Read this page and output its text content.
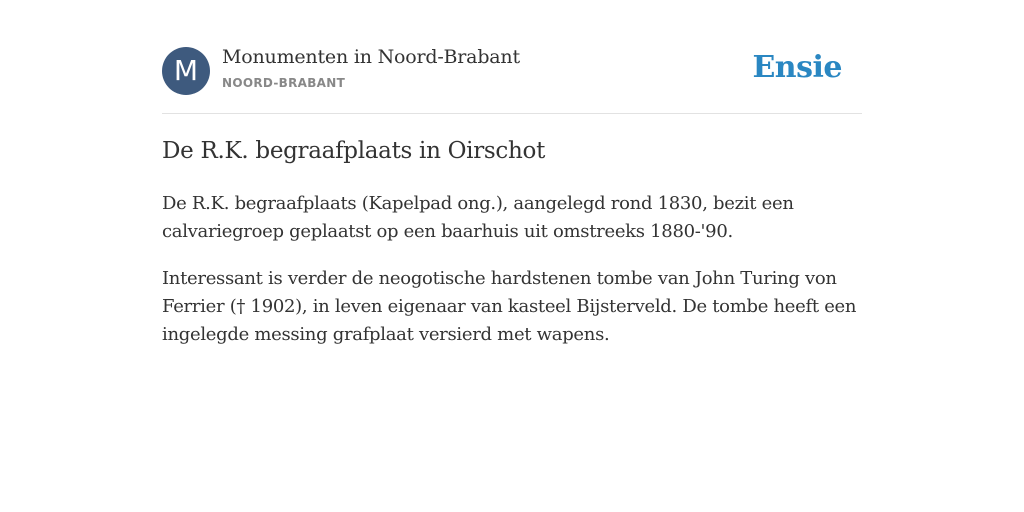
M	Monumenten in Noord-Brabant
NOORD-BRABANT	Ensie
De R.K. begraafplaats in Oirschot

De R.K. begraafplaats (Kapelpad ong.), aangelegd rond 1830, bezit een calvariegroep geplaatst op een baarhuis uit omstreeks 1880-'90.

Interessant is verder de neogotische hardstenen tombe van John Turing von Ferrier († 1902), in leven eigenaar van kasteel Bijsterveld. De tombe heeft een ingelegde messing grafplaat versierd met wapens.
